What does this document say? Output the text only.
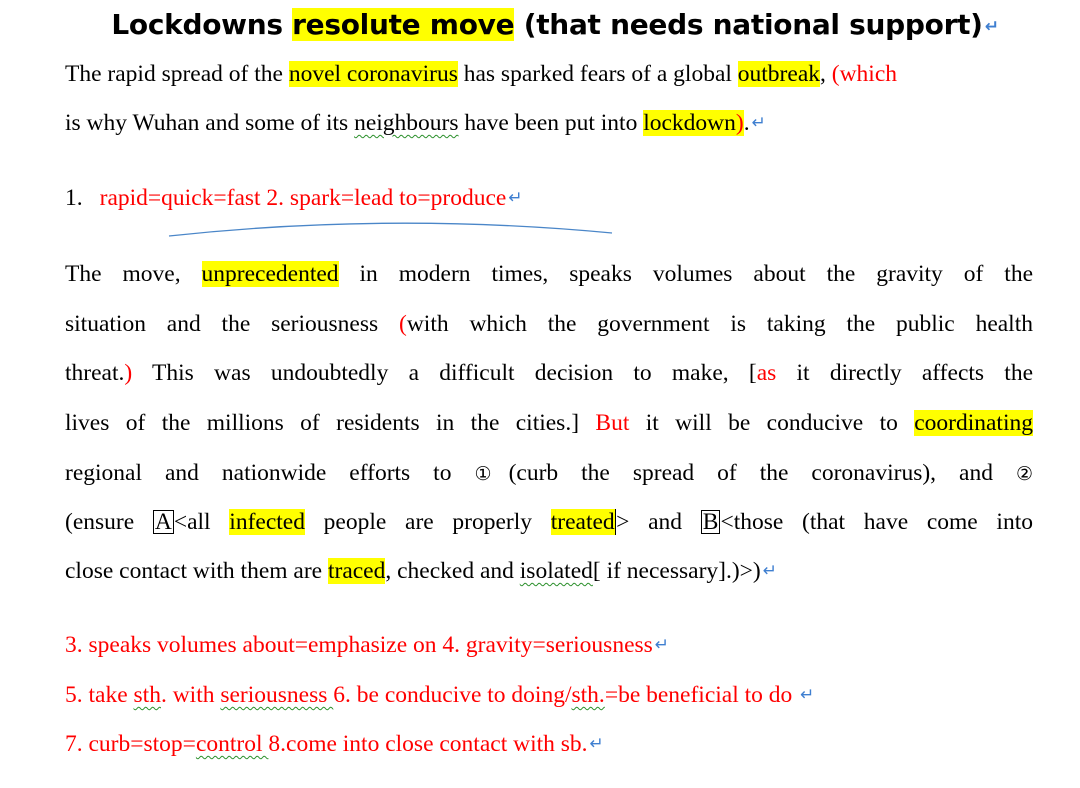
Lockdowns resolute move (that needs national support) ↵
The rapid spread of the novel coronavirus has sparked fears of a global outbreak, (which
is why Wuhan and some of its neighbours have been put into lockdown). ↵
1. rapid=quick=fast 2. spark=lead to=produce ↵
The move, unprecedented in modern times, speaks volumes about the gravity of the
situation and the seriousness (with which the government is taking the public health
threat.) This was undoubtedly a difficult decision to make, [as it directly affects the
lives of the millions of residents in the cities.] But it will be conducive to coordinating
regional and nationwide efforts to ①(curb the spread of the coronavirus), and ②
(ensure A<all infected people are properly treated> and B<those (that have come into
close contact with them are traced, checked and isolated[ if necessary].)>) ↵
3. speaks volumes about=emphasize on 4. gravity=seriousness ↵
5. take sth. with seriousness 6. be conducive to doing/sth.=be beneficial to do ↵
7. curb=stop=control 8.come into close contact with sb. ↵
